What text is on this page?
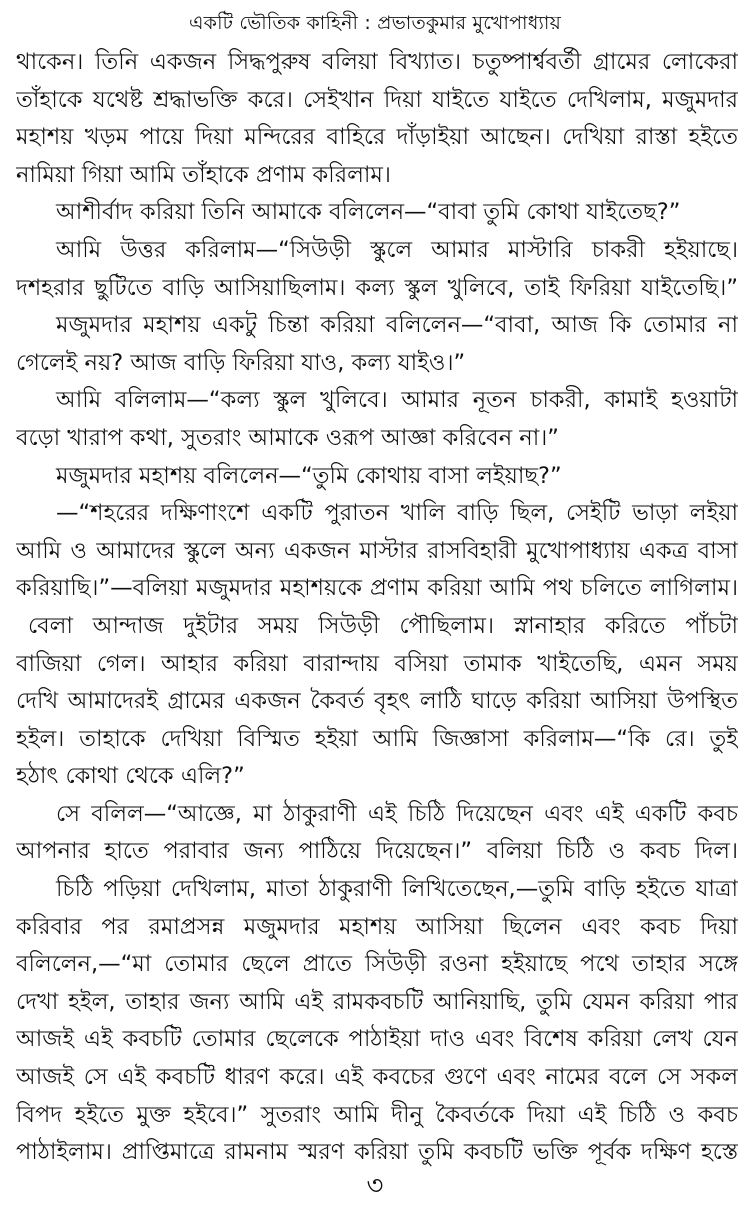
একটি ভৌতিক কাহিনী : প্রভাতকুমার মুখোপাধ্যায়
থাকেন। তিনি একজন সিদ্ধপুরুষ বলিয়া বিখ্যাত। চতুষ্পার্শ্ববর্তী গ্রামের লোকেরা
তাঁহাকে যথেষ্ট শ্রদ্ধাভক্তি করে। সেইখান দিয়া যাইতে যাইতে দেখিলাম, মজুমদার
মহাশয় খড়ম পায়ে দিয়া মন্দিরের বাহিরে দাঁড়াইয়া আছেন। দেখিয়া রাস্তা হইতে
নামিয়া গিয়া আমি তাঁহাকে প্রণাম করিলাম।
আশীর্বাদ করিয়া তিনি আমাকে বলিলেন—“বাবা তুমি কোথা যাইতেছ?”
আমি উত্তর করিলাম—“সিউড়ী স্কুলে আমার মাস্টারি চাকরী হইয়াছে।
দশহরার ছুটিতে বাড়ি আসিয়াছিলাম। কল্য স্কুল খুলিবে, তাই ফিরিয়া যাইতেছি।”
মজুমদার মহাশয় একটু চিন্তা করিয়া বলিলেন—“বাবা, আজ কি তোমার না
গেলেই নয়? আজ বাড়ি ফিরিয়া যাও, কল্য যাইও।”
আমি বলিলাম—“কল্য স্কুল খুলিবে। আমার নূতন চাকরী, কামাই হওয়াটা
বড়ো খারাপ কথা, সুতরাং আমাকে ওরূপ আজ্ঞা করিবেন না।”
মজুমদার মহাশয় বলিলেন—“তুমি কোথায় বাসা লইয়াছ?”
—“শহরের দক্ষিণাংশে একটি পুরাতন খালি বাড়ি ছিল, সেইটি ভাড়া লইয়া
আমি ও আমাদের স্কুলে অন্য একজন মাস্টার রাসবিহারী মুখোপাধ্যায় একত্র বাসা
করিয়াছি।”—বলিয়া মজুমদার মহাশয়কে প্রণাম করিয়া আমি পথ চলিতে লাগিলাম।
বেলা আন্দাজ দুইটার সময় সিউড়ী পৌছিলাম। স্নানাহার করিতে পাঁচটা
বাজিয়া গেল। আহার করিয়া বারান্দায় বসিয়া তামাক খাইতেছি, এমন সময়
দেখি আমাদেরই গ্রামের একজন কৈবর্ত বৃহৎ লাঠি ঘাড়ে করিয়া আসিয়া উপস্থিত
হইল। তাহাকে দেখিয়া বিস্মিত হইয়া আমি জিজ্ঞাসা করিলাম—“কি রে। তুই
হঠাৎ কোথা থেকে এলি?”
সে বলিল—“আজ্ঞে, মা ঠাকুরাণী এই চিঠি দিয়েছেন এবং এই একটি কবচ
আপনার হাতে পরাবার জন্য পাঠিয়ে দিয়েছেন।” বলিয়া চিঠি ও কবচ দিল।
চিঠি পড়িয়া দেখিলাম, মাতা ঠাকুরাণী লিখিতেছেন,—তুমি বাড়ি হইতে যাত্রা
করিবার পর রমাপ্রসন্ন মজুমদার মহাশয় আসিয়া ছিলেন এবং কবচ দিয়া
বলিলেন,—“মা তোমার ছেলে প্রাতে সিউড়ী রওনা হইয়াছে পথে তাহার সঙ্গে
দেখা হইল, তাহার জন্য আমি এই রামকবচটি আনিয়াছি, তুমি যেমন করিয়া পার
আজই এই কবচটি তোমার ছেলেকে পাঠাইয়া দাও এবং বিশেষ করিয়া লেখ যেন
আজই সে এই কবচটি ধারণ করে। এই কবচের গুণে এবং নামের বলে সে সকল
বিপদ হইতে মুক্ত হইবে।” সুতরাং আমি দীনু কৈবর্তকে দিয়া এই চিঠি ও কবচ
পাঠাইলাম। প্রাপ্তিমাত্রে রামনাম স্মরণ করিয়া তুমি কবচটি ভক্তি পূর্বক দক্ষিণ হস্তে
৩
